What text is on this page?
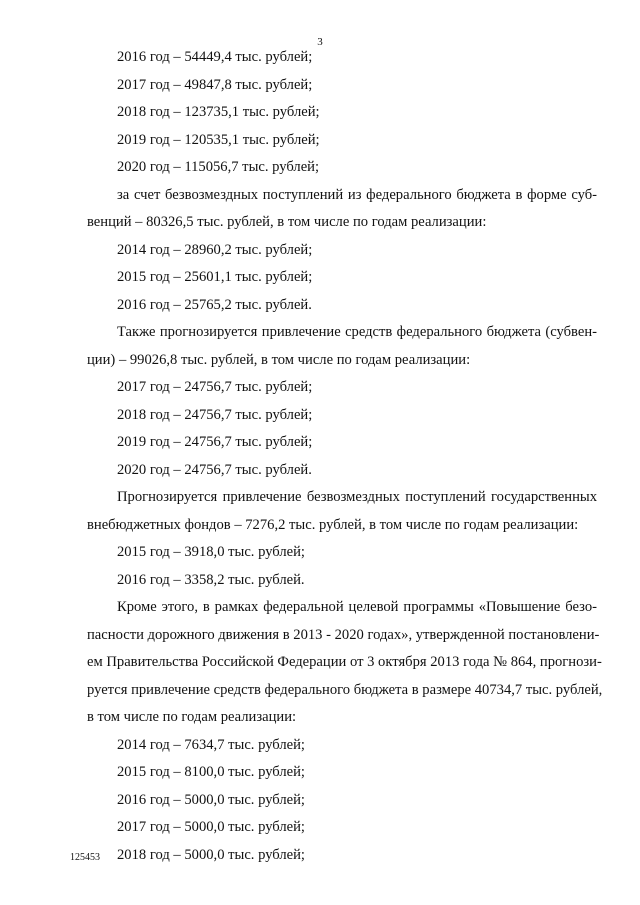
3
2016 год – 54449,4 тыс. рублей;
2017 год – 49847,8 тыс. рублей;
2018 год – 123735,1 тыс. рублей;
2019 год – 120535,1 тыс. рублей;
2020 год – 115056,7 тыс. рублей;
за счет безвозмездных поступлений из федерального бюджета в форме суб-
венций – 80326,5 тыс. рублей, в том числе по годам реализации:
2014 год – 28960,2 тыс. рублей;
2015 год – 25601,1 тыс. рублей;
2016 год – 25765,2 тыс. рублей.
Также прогнозируется привлечение средств федерального бюджета (субвен-
ции) – 99026,8 тыс. рублей, в том числе по годам реализации:
2017 год – 24756,7 тыс. рублей;
2018 год – 24756,7 тыс. рублей;
2019 год – 24756,7 тыс. рублей;
2020 год – 24756,7 тыс. рублей.
Прогнозируется привлечение безвозмездных поступлений государственных
внебюджетных фондов – 7276,2 тыс. рублей, в том числе по годам реализации:
2015 год – 3918,0 тыс. рублей;
2016 год – 3358,2 тыс. рублей.
Кроме этого, в рамках федеральной целевой программы «Повышение безо-
пасности дорожного движения в 2013 - 2020 годах», утвержденной постановлени-
ем Правительства Российской Федерации от 3 октября 2013 года № 864, прогнози-
руется привлечение средств федерального бюджета в размере 40734,7 тыс. рублей,
в том числе по годам реализации:
2014 год – 7634,7 тыс. рублей;
2015 год – 8100,0 тыс. рублей;
2016 год – 5000,0 тыс. рублей;
2017 год – 5000,0 тыс. рублей;
2018 год – 5000,0 тыс. рублей;
125453
